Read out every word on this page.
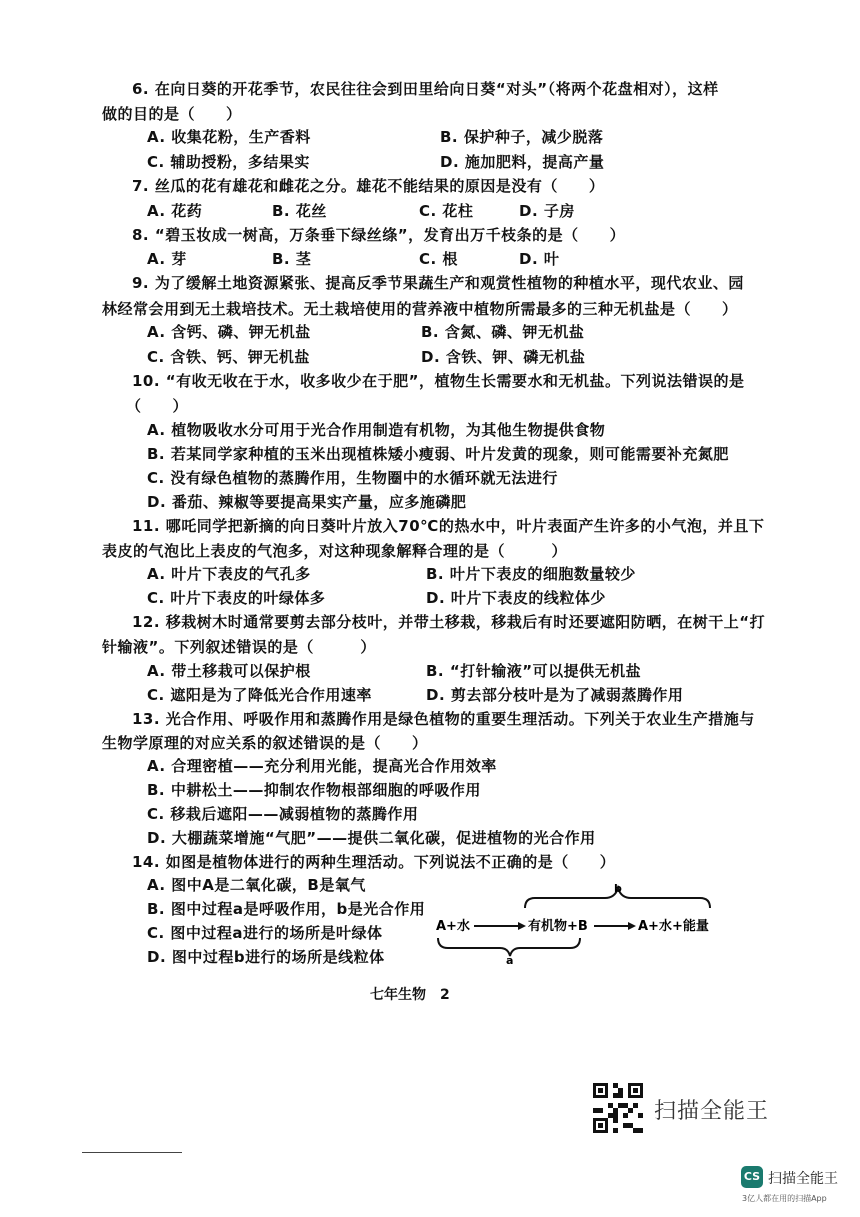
6. 在向日葵的开花季节，农民往往会到田里给向日葵“对头”（将两个花盘相对），这样
做的目的是（　　）
A. 收集花粉，生产香料	B. 保护种子，减少脱落
C. 辅助授粉，多结果实	D. 施加肥料，提高产量
7. 丝瓜的花有雄花和雌花之分。雄花不能结果的原因是没有（　　）
A. 花药	B. 花丝	C. 花柱	D. 子房
8. “碧玉妆成一树高，万条垂下绿丝绦”，发育出万千枝条的是（　　）
A. 芽	B. 茎	C. 根	D. 叶
9. 为了缓解土地资源紧张、提高反季节果蔬生产和观赏性植物的种植水平，现代农业、园
林经常会用到无土栽培技术。无土栽培使用的营养液中植物所需最多的三种无机盐是（　　）
A. 含钙、磷、钾无机盐	B. 含氮、磷、钾无机盐
C. 含铁、钙、钾无机盐	D. 含铁、钾、磷无机盐
10. “有收无收在于水，收多收少在于肥”，植物生长需要水和无机盐。下列说法错误的是
（　　）
A. 植物吸收水分可用于光合作用制造有机物，为其他生物提供食物
B. 若某同学家种植的玉米出现植株矮小瘦弱、叶片发黄的现象，则可能需要补充氮肥
C. 没有绿色植物的蒸腾作用，生物圈中的水循环就无法进行
D. 番茄、辣椒等要提高果实产量，应多施磷肥
11. 哪吒同学把新摘的向日葵叶片放入70℃的热水中，叶片表面产生许多的小气泡，并且下
表皮的气泡比上表皮的气泡多，对这种现象解释合理的是（　　　）
A. 叶片下表皮的气孔多	B. 叶片下表皮的细胞数量较少
C. 叶片下表皮的叶绿体多	D. 叶片下表皮的线粒体少
12. 移栽树木时通常要剪去部分枝叶，并带土移栽，移栽后有时还要遮阳防晒，在树干上“打
针输液”。下列叙述错误的是（　　　）
A. 带土移栽可以保护根	B. “打针输液”可以提供无机盐
C. 遮阳是为了降低光合作用速率	D. 剪去部分枝叶是为了减弱蒸腾作用
13. 光合作用、呼吸作用和蒸腾作用是绿色植物的重要生理活动。下列关于农业生产措施与
生物学原理的对应关系的叙述错误的是（　　）
A. 合理密植——充分利用光能，提高光合作用效率
B. 中耕松土——抑制农作物根部细胞的呼吸作用
C. 移栽后遮阳——减弱植物的蒸腾作用
D. 大棚蔬菜增施“气肥”——提供二氧化碳，促进植物的光合作用
14. 如图是植物体进行的两种生理活动。下列说法不正确的是（　　）
A. 图中A是二氧化碳，B是氧气
B. 图中过程a是呼吸作用，b是光合作用
C. 图中过程a进行的场所是叶绿体
D. 图中过程b进行的场所是线粒体
b
A+水	有机物+B	A+水+能量
a
七年生物　2
扫描全能王
CS 扫描全能王
3亿人都在用的扫描App
